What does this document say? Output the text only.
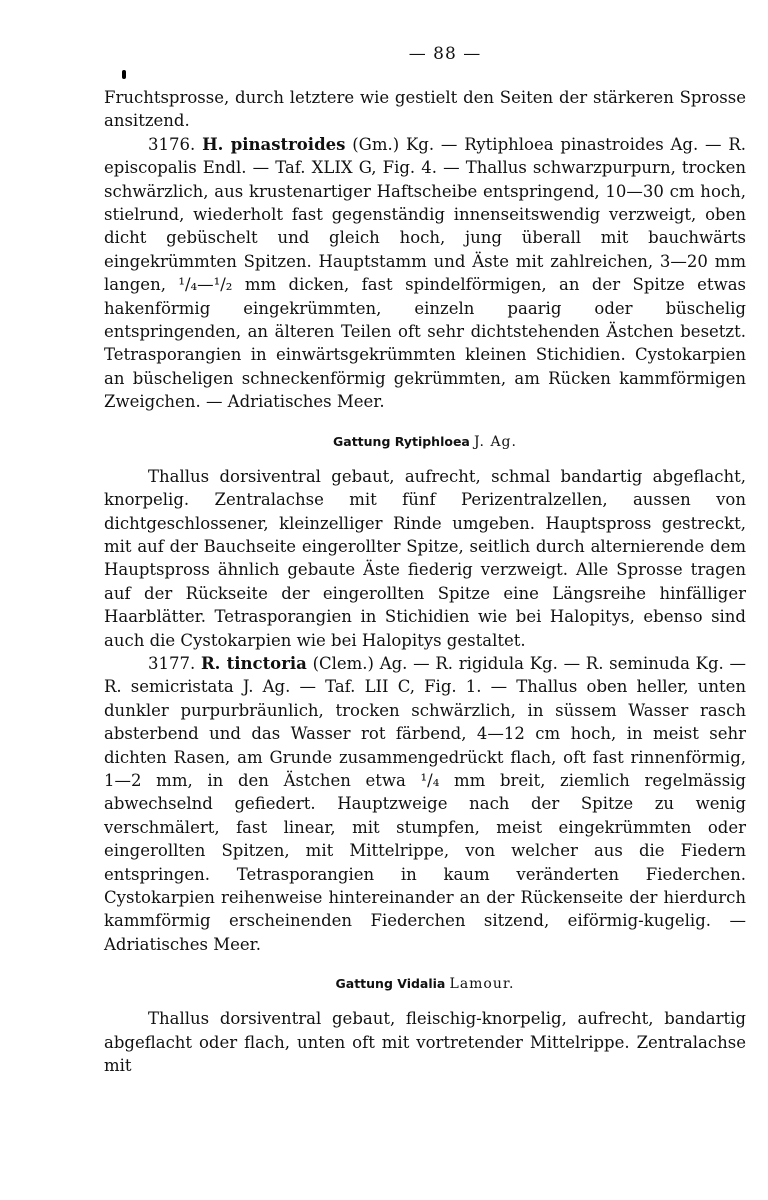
— 88 —

Fruchtsprosse, durch letztere wie gestielt den Seiten der stärkeren Sprosse ansitzend.

3176. H. pinastroides (Gm.) Kg. — Rytiphloea pinastroides Ag. — R. episcopalis Endl. — Taf. XLIX G, Fig. 4. — Thallus schwarzpurpurn, trocken schwärzlich, aus krustenartiger Haftscheibe entspringend, 10—30 cm hoch, stielrund, wiederholt fast gegenständig innenseitswendig verzweigt, oben dicht gebüschelt und gleich hoch, jung überall mit bauchwärts eingekrümmten Spitzen. Hauptstamm und Äste mit zahlreichen, 3—20 mm langen, ¹/₄—¹/₂ mm dicken, fast spindelförmigen, an der Spitze etwas hakenförmig eingekrümmten, einzeln paarig oder büschelig entspringenden, an älteren Teilen oft sehr dichtstehenden Ästchen besetzt. Tetrasporangien in einwärtsgekrümmten kleinen Stichidien. Cystokarpien an büscheligen schneckenförmig gekrümmten, am Rücken kammförmigen Zweigchen. — Adriatisches Meer.

Gattung Rytiphloea J. Ag.

Thallus dorsiventral gebaut, aufrecht, schmal bandartig abgeflacht, knorpelig. Zentralachse mit fünf Perizentralzellen, aussen von dichtgeschlossener, kleinzelliger Rinde umgeben. Hauptspross gestreckt, mit auf der Bauchseite eingerollter Spitze, seitlich durch alternierende dem Hauptspross ähnlich gebaute Äste fiederig verzweigt. Alle Sprosse tragen auf der Rückseite der eingerollten Spitze eine Längsreihe hinfälliger Haarblätter. Tetrasporangien in Stichidien wie bei Halopitys, ebenso sind auch die Cystokarpien wie bei Halopitys gestaltet.

3177. R. tinctoria (Clem.) Ag. — R. rigidula Kg. — R. seminuda Kg. — R. semicristata J. Ag. — Taf. LII C, Fig. 1. — Thallus oben heller, unten dunkler purpurbräunlich, trocken schwärzlich, in süssem Wasser rasch absterbend und das Wasser rot färbend, 4—12 cm hoch, in meist sehr dichten Rasen, am Grunde zusammengedrückt flach, oft fast rinnenförmig, 1—2 mm, in den Ästchen etwa ¹/₄ mm breit, ziemlich regelmässig abwechselnd gefiedert. Hauptzweige nach der Spitze zu wenig verschmälert, fast linear, mit stumpfen, meist eingekrümmten oder eingerollten Spitzen, mit Mittelrippe, von welcher aus die Fiedern entspringen. Tetrasporangien in kaum veränderten Fiederchen. Cystokarpien reihenweise hintereinander an der Rückenseite der hierdurch kammförmig erscheinenden Fiederchen sitzend, eiförmig-kugelig. — Adriatisches Meer.

Gattung Vidalia Lamour.

Thallus dorsiventral gebaut, fleischig-knorpelig, aufrecht, bandartig abgeflacht oder flach, unten oft mit vortretender Mittelrippe. Zentralachse mit
